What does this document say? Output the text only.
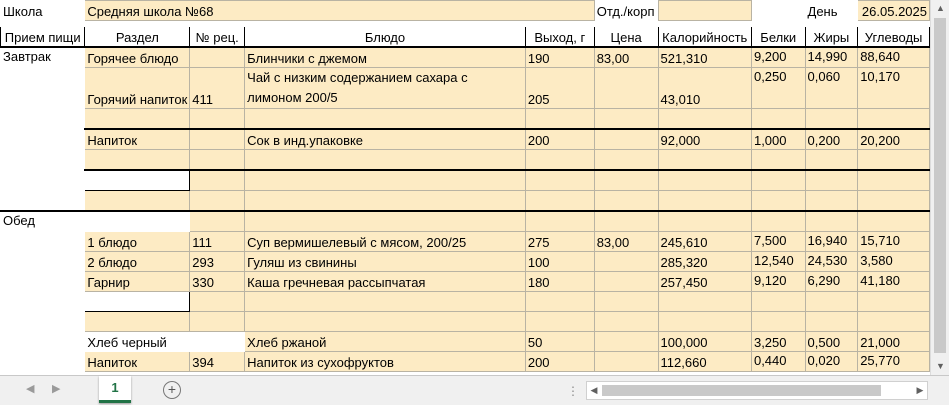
Школа	Средняя школа №68				Отд./корп			День	26.05.2025

Прием пищи	Раздел	№ рец.	Блюдо	Выход, г	Цена	Калорийность	Белки	Жиры	Углеводы
Завтрак	Горячее блюдо		Блинчики с джемом	190	83,00	521,310	9,200	14,990	88,640
	Горячий напиток	411	Чай с низким содержанием сахара с лимоном 200/5	205		43,010	0,250	0,060	10,170

	Напиток		Сок в инд.упаковке	200		92,000	1,000	0,200	20,200

Обед									
	1 блюдо	111	Суп вермишелевый с мясом, 200/25	275	83,00	245,610	7,500	16,940	15,710
	2 блюдо	293	Гуляш из свинины	100		285,320	12,540	24,530	3,580
	Гарнир	330	Каша гречневая рассыпчатая	180		257,450	9,120	6,290	41,180

	Хлеб черный		Хлеб ржаной	50		100,000	3,250	0,500	21,000
	Напиток	394	Напиток из сухофруктов	200		112,660	0,440	0,020	25,770
▲
▼
◀ ▶	1	+	⋮	◀	▶
